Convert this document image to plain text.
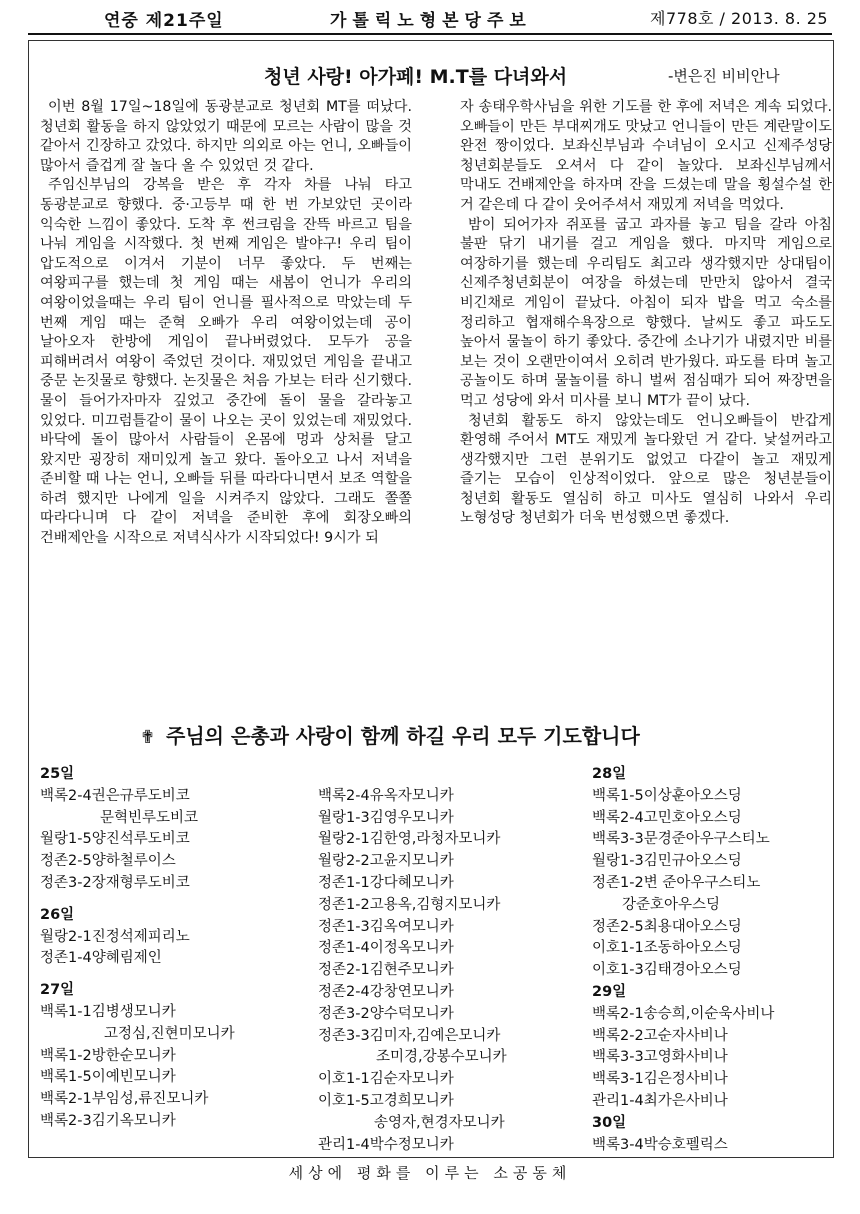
연중 제21주일	가톨릭노형본당주보	제778호 / 2013. 8. 25
청년 사랑! 아가페! M.T를 다녀와서	-변은진 비비안나

이번 8월 17일~18일에 동광분교로 청년회 MT를 떠났다. 청년회 활동을 하지 않았었기 때문에 모르는 사람이 많을 것 같아서 긴장하고 갔었다. 하지만 의외로 아는 언니, 오빠들이 많아서 즐겁게 잘 놀다 올 수 있었던 것 같다.

주임신부님의 강복을 받은 후 각자 차를 나눠 타고 동광분교로 향했다. 중·고등부 때 한 번 가보았던 곳이라 익숙한 느낌이 좋았다. 도착 후 썬크림을 잔뜩 바르고 팀을 나눠 게임을 시작했다. 첫 번째 게임은 발야구! 우리 팀이 압도적으로 이겨서 기분이 너무 좋았다. 두 번째는 여왕피구를 했는데 첫 게임 때는 새봄이 언니가 우리의 여왕이었을때는 우리 팀이 언니를 필사적으로 막았는데 두 번째 게임 때는 준혁 오빠가 우리 여왕이었는데 공이 날아오자 한방에 게임이 끝나버렸었다. 모두가 공을 피해버려서 여왕이 죽었던 것이다. 재밌었던 게임을 끝내고 중문 논짓물로 향했다. 논짓물은 처음 가보는 터라 신기했다. 물이 들어가자마자 깊었고 중간에 돌이 물을 갈라놓고 있었다. 미끄럼틀같이 물이 나오는 곳이 있었는데 재밌었다. 바닥에 돌이 많아서 사람들이 온몸에 멍과 상처를 달고 왔지만 굉장히 재미있게 놀고 왔다. 돌아오고 나서 저녁을 준비할 때 나는 언니, 오빠들 뒤를 따라다니면서 보조 역할을 하려 했지만 나에게 일을 시켜주지 않았다. 그래도 쫄쫄 따라다니며 다 같이 저녁을 준비한 후에 회장오빠의 건배제안을 시작으로 저녁식사가 시작되었다! 9시가 되

자 송태우학사님을 위한 기도를 한 후에 저녁은 계속 되었다. 오빠들이 만든 부대찌개도 맛났고 언니들이 만든 계란말이도 완전 짱이었다. 보좌신부님과 수녀님이 오시고 신제주성당 청년회분들도 오셔서 다 같이 놀았다. 보좌신부님께서 막내도 건배제안을 하자며 잔을 드셨는데 말을 횡설수설 한 거 같은데 다 같이 웃어주셔서 재밌게 저녁을 먹었다.

밤이 되어가자 쥐포를 굽고 과자를 놓고 팀을 갈라 아침 불판 닦기 내기를 걸고 게임을 했다. 마지막 게임으로 여장하기를 했는데 우리팀도 최고라 생각했지만 상대팀이 신제주청년회분이 여장을 하셨는데 만만치 않아서 결국 비긴채로 게임이 끝났다. 아침이 되자 밥을 먹고 숙소를 정리하고 협재해수욕장으로 향했다. 날씨도 좋고 파도도 높아서 물놀이 하기 좋았다. 중간에 소나기가 내렸지만 비를 보는 것이 오랜만이여서 오히려 반가웠다. 파도를 타며 놀고 공놀이도 하며 물놀이를 하니 벌써 점심때가 되어 짜장면을 먹고 성당에 와서 미사를 보니 MT가 끝이 났다.

청년회 활동도 하지 않았는데도 언니오빠들이 반갑게 환영해 주어서 MT도 재밌게 놀다왔던 거 같다. 낯설꺼라고 생각했지만 그런 분위기도 없었고 다같이 놀고 재밌게 즐기는 모습이 인상적이었다. 앞으로 많은 청년분들이 청년회 활동도 열심히 하고 미사도 열심히 나와서 우리 노형성당 청년회가 더욱 번성했으면 좋겠다.

✟ 주님의 은총과 사랑이 함께 하길 우리 모두 기도합니다
25일
백록2-4권은규루도비코
문혁빈루도비코
월랑1-5양진석루도비코
정존2-5양하철루이스
정존3-2장재형루도비코
26일
월랑2-1진정석제피리노
정존1-4양혜림제인
27일
백록1-1김병생모니카
고정심,진현미모니카
백록1-2방한순모니카
백록1-5이예빈모니카
백록2-1부임성,류진모니카
백록2-3김기옥모니카
백록2-4유옥자모니카
월랑1-3김영우모니카
월랑2-1김한영,라청자모니카
월랑2-2고윤지모니카
정존1-1강다혜모니카
정존1-2고용옥,김형지모니카
정존1-3김옥여모니카
정존1-4이정옥모니카
정존2-1김현주모니카
정존2-4강창연모니카
정존3-2양수덕모니카
정존3-3김미자,김예은모니카
조미경,강봉수모니카
이호1-1김순자모니카
이호1-5고경희모니카
송영자,현경자모니카
관리1-4박수정모니카
28일
백록1-5이상훈아오스딩
백록2-4고민호아오스딩
백록3-3문경준아우구스티노
월랑1-3김민규아오스딩
정존1-2변 준아우구스티노
강준호아우스딩
정존2-5최용대아오스딩
이호1-1조동하아오스딩
이호1-3김태경아오스딩
29일
백록2-1송승희,이순욱사비나
백록2-2고순자사비나
백록3-3고영화사비나
백록3-1김은정사비나
관리1-4최가은사비나
30일
백록3-4박승호펠릭스
세상에 평화를 이루는 소공동체
